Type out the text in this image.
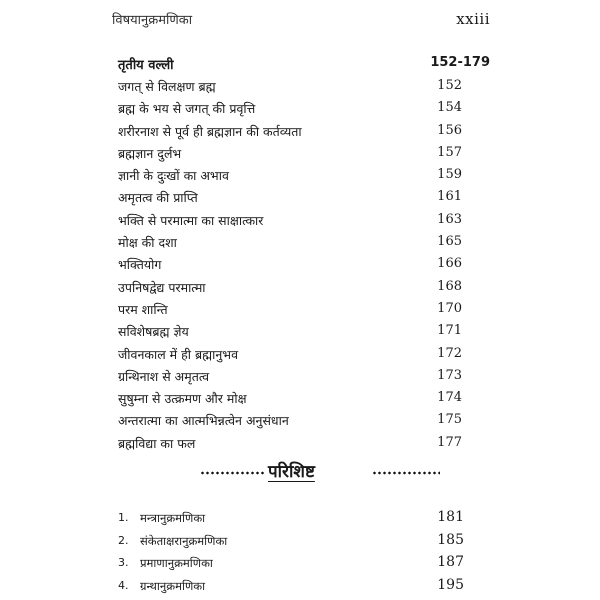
विषयानुक्रमणिका	xxiii
तृतीय वल्ली	152-179
जगत् से विलक्षण ब्रह्म	152
ब्रह्म के भय से जगत् की प्रवृत्ति	154
शरीरनाश से पूर्व ही ब्रह्मज्ञान की कर्तव्यता	156
ब्रह्मज्ञान दुर्लभ	157
ज्ञानी के दुःखों का अभाव	159
अमृतत्व की प्राप्ति	161
भक्ति से परमात्मा का साक्षात्कार	163
मोक्ष की दशा	165
भक्तियोग	166
उपनिषद्वेद्य परमात्मा	168
परम शान्ति	170
सविशेषब्रह्म ज्ञेय	171
जीवनकाल में ही ब्रह्मानुभव	172
ग्रन्थिनाश से अमृतत्व	173
सुषुम्ना से उत्क्रमण और मोक्ष	174
अन्तरात्मा का आत्मभिन्नत्वेन अनुसंधान	175
ब्रह्मविद्या का फल	177
परिशिष्ट
1. मन्त्रानुक्रमणिका	181
2. संकेताक्षरानुक्रमणिका	185
3. प्रमाणानुक्रमणिका	187
4. ग्रन्थानुक्रमणिका	195
